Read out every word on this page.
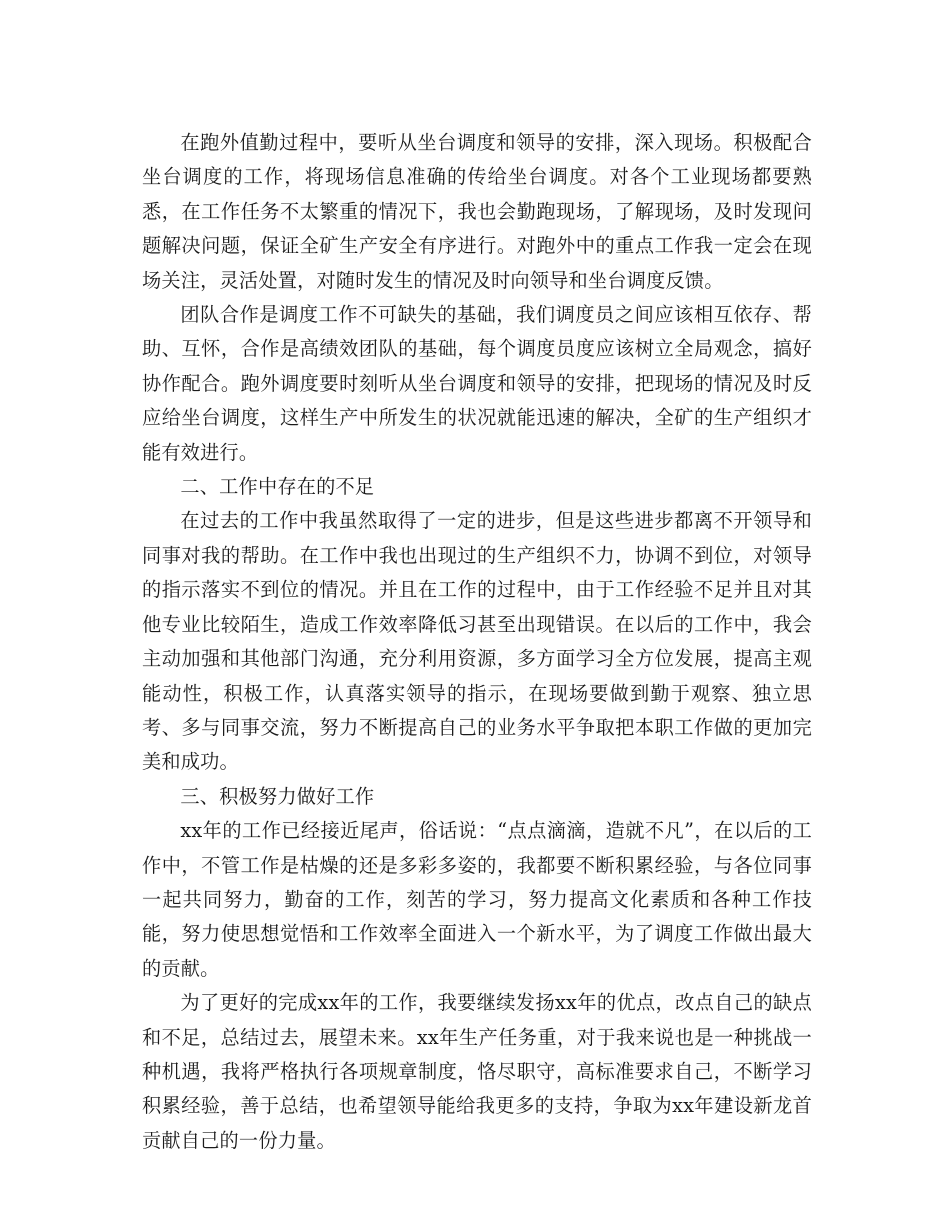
在跑外值勤过程中，要听从坐台调度和领导的安排，深入现场。积极配合坐台调度的工作，将现场信息准确的传给坐台调度。对各个工业现场都要熟悉，在工作任务不太繁重的情况下，我也会勤跑现场，了解现场，及时发现问题解决问题，保证全矿生产安全有序进行。对跑外中的重点工作我一定会在现场关注，灵活处置，对随时发生的情况及时向领导和坐台调度反馈。

团队合作是调度工作不可缺失的基础，我们调度员之间应该相互依存、帮助、互怀，合作是高绩效团队的基础，每个调度员度应该树立全局观念，搞好协作配合。跑外调度要时刻听从坐台调度和领导的安排，把现场的情况及时反应给坐台调度，这样生产中所发生的状况就能迅速的解决，全矿的生产组织才能有效进行。

二、工作中存在的不足

在过去的工作中我虽然取得了一定的进步，但是这些进步都离不开领导和同事对我的帮助。在工作中我也出现过的生产组织不力，协调不到位，对领导的指示落实不到位的情况。并且在工作的过程中，由于工作经验不足并且对其他专业比较陌生，造成工作效率降低习甚至出现错误。在以后的工作中，我会主动加强和其他部门沟通，充分利用资源，多方面学习全方位发展，提高主观能动性，积极工作，认真落实领导的指示，在现场要做到勤于观察、独立思考、多与同事交流，努力不断提高自己的业务水平争取把本职工作做的更加完美和成功。

三、积极努力做好工作

xx年的工作已经接近尾声，俗话说：“点点滴滴，造就不凡”，在以后的工作中，不管工作是枯燥的还是多彩多姿的，我都要不断积累经验，与各位同事一起共同努力，勤奋的工作，刻苦的学习，努力提高文化素质和各种工作技能，努力使思想觉悟和工作效率全面进入一个新水平，为了调度工作做出最大的贡献。

为了更好的完成xx年的工作，我要继续发扬xx年的优点，改点自己的缺点和不足，总结过去，展望未来。xx年生产任务重，对于我来说也是一种挑战一种机遇，我将严格执行各项规章制度，恪尽职守，高标准要求自己，不断学习积累经验，善于总结，也希望领导能给我更多的支持，争取为xx年建设新龙首贡献自己的一份力量。
